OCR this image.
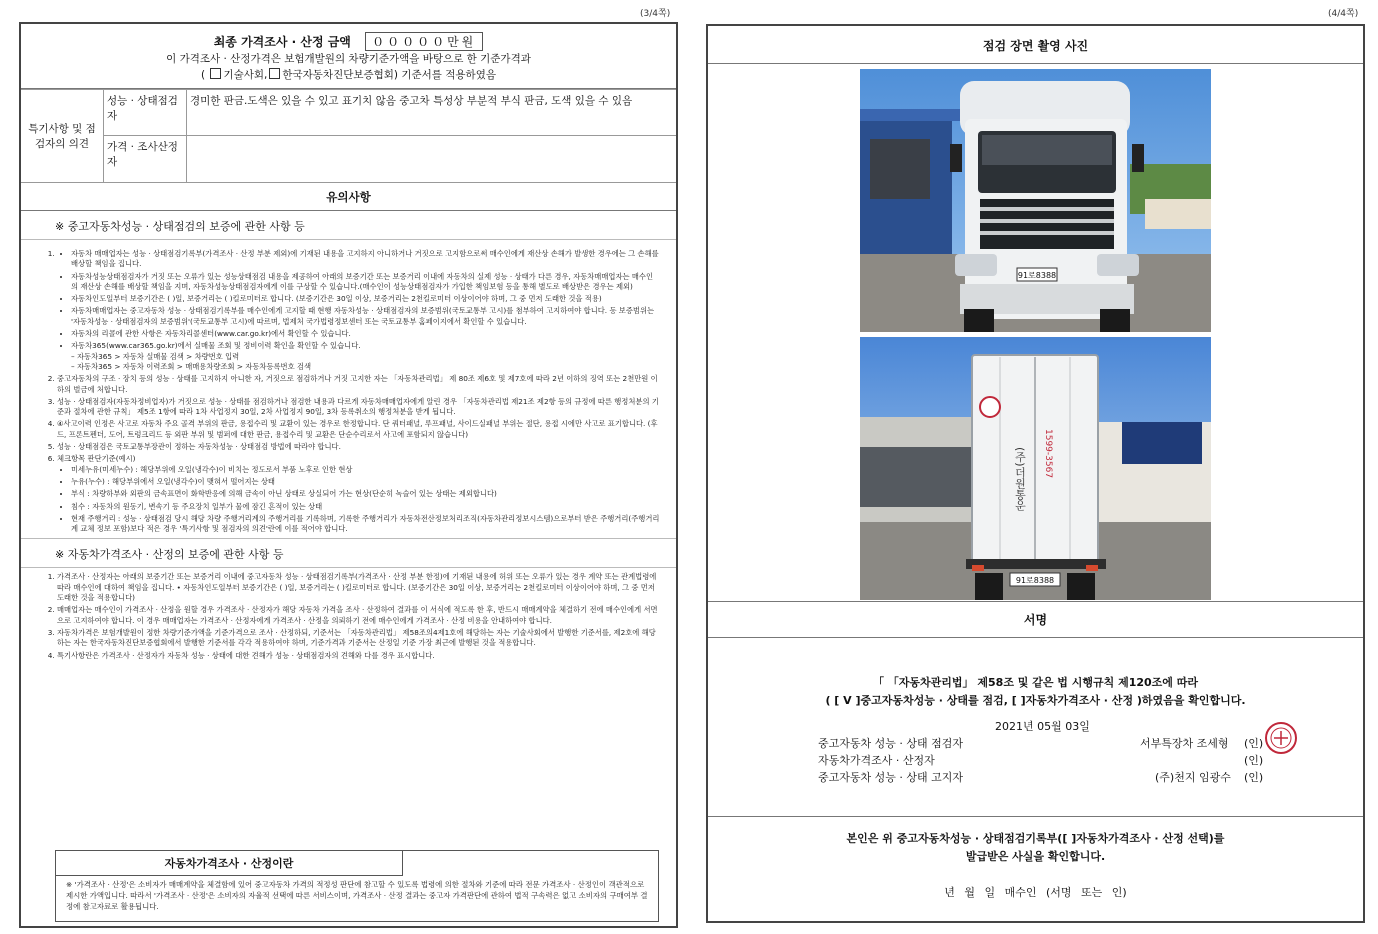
(3/4쪽)
최종 가격조사 · 산정 금액 ０００００만원
이 가격조사 · 산정가격은 보험개발원의 차량기준가액을 바탕으로 한 기준가격과
( 기술사회, 한국자동차진단보증협회) 기준서를 적용하였음
특기사항 및 점검자의 의견	성능 · 상태점검자	경미한 판금.도색은 있을 수 있고 표기치 않음 중고차 특성상 부분적 부식 판금, 도색 있을 수 있음
	가격 · 조사산정자	
유의사항
※ 중고자동차성능 · 상태점검의 보증에 관한 사항 등
• 1. 자동차 매매업자는 성능 · 상태점검기록부(가격조사 · 산정 부분 제외)에 기재된 내용을 고지하지 아니하거나 거짓으로 고지함으로써 매수인에게 재산상 손해가 발생한 경우에는 그 손해를 배상할 책임을 집니다.
• 자동차성능상태점검자가 거짓 또는 오류가 있는 성능상태점검 내용을 제공하여 아래의 보증기간 또는 보증거리 이내에 자동차의 실제 성능 · 상태가 다른 경우, 자동차매매업자는 매수인의 재산상 손해를 배상할 책임을 지며, 자동차성능상태점검자에게 이를 구상할 수 있습니다.(매수인이 성능상태점검자가 가입한 책임보험 등을 통해 별도로 배상받은 경우는 제외)
• 자동차인도일부터 보증기간은 ( )일, 보증거리는 ( )킬로미터로 합니다. (보증기간은 30일 이상, 보증거리는 2천킬로미터 이상이어야 하며, 그 중 먼저 도래한 것을 적용)
• 자동차매매업자는 중고자동차 성능 · 상태점검기록부를 매수인에게 고지할 때 현행 자동차성능 · 상태점검자의 보증범위(국토교통부 고시)를 첨부하여 고지하여야 합니다. 동 보증범위는 '자동차성능 · 상태점검자의 보증범위'(국토교통부 고시)에 따르며, 법제처 국가법령정보센터 또는 국토교통부 홈페이지에서 확인할 수 있습니다.
• 자동차의 리콜에 관한 사항은 자동차리콜센터(www.car.go.kr)에서 확인할 수 있습니다.
• 자동차365(www.car365.go.kr)에서 실매물 조회 및 정비이력 확인을 확인할 수 있습니다.
– 자동차365 > 자동차 실매물 검색 > 차량번호 입력
– 자동차365 > 자동차 이력조회 > 매매용차량조회 > 자동차등록번호 검색
2. 중고자동차의 구조 · 장치 등의 성능 · 상태를 고지하지 아니한 자, 거짓으로 점검하거나 거짓 고지한 자는 「자동차관리법」 제 80조 제6호 및 제7호에 따라 2년 이하의 징역 또는 2천만원 이하의 벌금에 처합니다.
3. 성능 · 상태점검자(자동차정비업자)가 거짓으로 성능 · 상태를 점검하거나 점검한 내용과 다르게 자동차매매업자에게 알린 경우 「자동차관리법 제21조 제2항 등의 규정에 따른 행정처분의 기준과 절차에 관한 규칙」 제5조 1항에 따라 1차 사업정지 30일, 2차 사업정지 90일, 3차 등록취소의 행정처분을 받게 됩니다.
4. ④사고이력 인정은 사고로 자동차 주요 골격 부위의 판금, 용접수리 및 교환이 있는 경우로 한정합니다. 단 쿼터패널, 루프패널, 사이드실패널 부위는 절단, 용접 시에만 사고로 표기합니다. (후드, 프론트펜더, 도어, 트렁크리드 등 외판 부위 및 범퍼에 대한 판금, 용접수리 및 교환은 단순수리로서 사고에 포함되지 않습니다)
5. 성능 · 상태점검은 국토교통부장관이 정하는 자동차성능 · 상태점검 방법에 따라야 합니다.
6. 체크항목 판단기준(예시)
• 미세누유(미세누수) : 해당부위에 오일(냉각수)이 비치는 정도로서 부품 노후로 인한 현상
• 누유(누수) : 해당부위에서 오일(냉각수)이 맺혀서 떨어지는 상태
• 부식 : 차량하부와 외판의 금속표면이 화학반응에 의해 금속이 아닌 상태로 상실되어 가는 현상(단순히 녹슬어 있는 상태는 제외합니다)
• 침수 : 자동차의 원동기, 변속기 등 주요장치 일부가 물에 잠긴 흔적이 있는 상태
• 현재 주행거리 : 성능 · 상태점검 당시 해당 차량 주행거리계의 주행거리를 기록하며, 기록한 주행거리가 자동차전산정보처리조직(자동차관리정보시스템)으로부터 받은 주행거리(주행거리계 교체 정보 포함)보다 적은 경우 '특기사항 및 점검자의 의견'란에 이를 적어야 합니다.
※ 자동차가격조사 · 산정의 보증에 관한 사항 등
1. 가격조사 · 산정자는 아래의 보증기간 또는 보증거리 이내에 중고자동차 성능 · 상태점검기록부(가격조사 · 산정 부분 한정)에 기재된 내용에 허위 또는 오류가 있는 경우 계약 또는 관계법령에 따라 매수인에 대하여 책임을 집니다. • 자동차인도일부터 보증기간은 ( )일, 보증거리는 ( )킬로미터로 합니다. (보증기간은 30일 이상, 보증거리는 2천킬로미터 이상이어야 하며, 그 중 먼저 도래한 것을 적용합니다)
2. 매매업자는 매수인이 가격조사 · 산정을 원할 경우 가격조사 · 산정자가 해당 자동차 가격을 조사 · 산정하여 결과를 이 서식에 적도록 한 후, 반드시 매매계약을 체결하기 전에 매수인에게 서면으로 고지하여야 합니다. 이 경우 매매업자는 가격조사 · 산정자에게 가격조사 · 산정을 의뢰하기 전에 매수인에게 가격조사 · 산정 비용을 안내하여야 합니다.
3. 자동차가격은 보험개발원이 정한 차량기준가액을 기준가격으로 조사 · 산정하되, 기준서는 「자동차관리법」 제58조의4제1호에 해당하는 자는 기술사회에서 발행한 기준서를, 제2호에 해당하는 자는 한국자동차진단보증협회에서 발행한 기준서를 각각 적용하여야 하며, 기준가격과 기준서는 산정일 기준 가장 최근에 발행된 것을 적용합니다.
4. 특기사항란은 가격조사 · 산정자가 자동차 성능 · 상태에 대한 견해가 성능 · 상태점검자의 견해와 다를 경우 표시합니다.
자동차가격조사 · 산정이란
※ '가격조사 · 산정'은 소비자가 매매계약을 체결함에 있어 중고자동차 가격의 적정성 판단에 참고할 수 있도록 법령에 의한 절차와 기준에 따라 전문 가격조사 · 산정인이 객관적으로 제시한 가액입니다. 따라서 '가격조사 · 산정'은 소비자의 자율적 선택에 따른 서비스이며, 가격조사 · 산정 결과는 중고자 가격판단에 관하여 법적 구속력은 없고 소비자의 구매여부 결정에 참고자료로 활용됩니다.
(4/4쪽)
점검 장면 촬영 사진
91로8388
(주)더원통운 1599-3567
91로8388
서명
「 「자동차관리법」 제58조 및 같은 법 시행규칙 제120조에 따라
( [ V ]중고자동차성능 · 상태를 점검, [ ]자동차가격조사 · 산정 )하였음을 확인합니다.
2021년 05월 03일
중고자동차 성능 · 상태 점검자	서부특장차 조세형 (인)
자동차가격조사 · 산정자	(인)
중고자동차 성능 · 상태 고지자	(주)천지 임광수 (인)
본인은 위 중고자동차성능 · 상태점검기록부([ ]자동차가격조사 · 산정 선택)를
발급받은 사실을 확인합니다.
년 월 일 매수인 (서명 또는 인)
